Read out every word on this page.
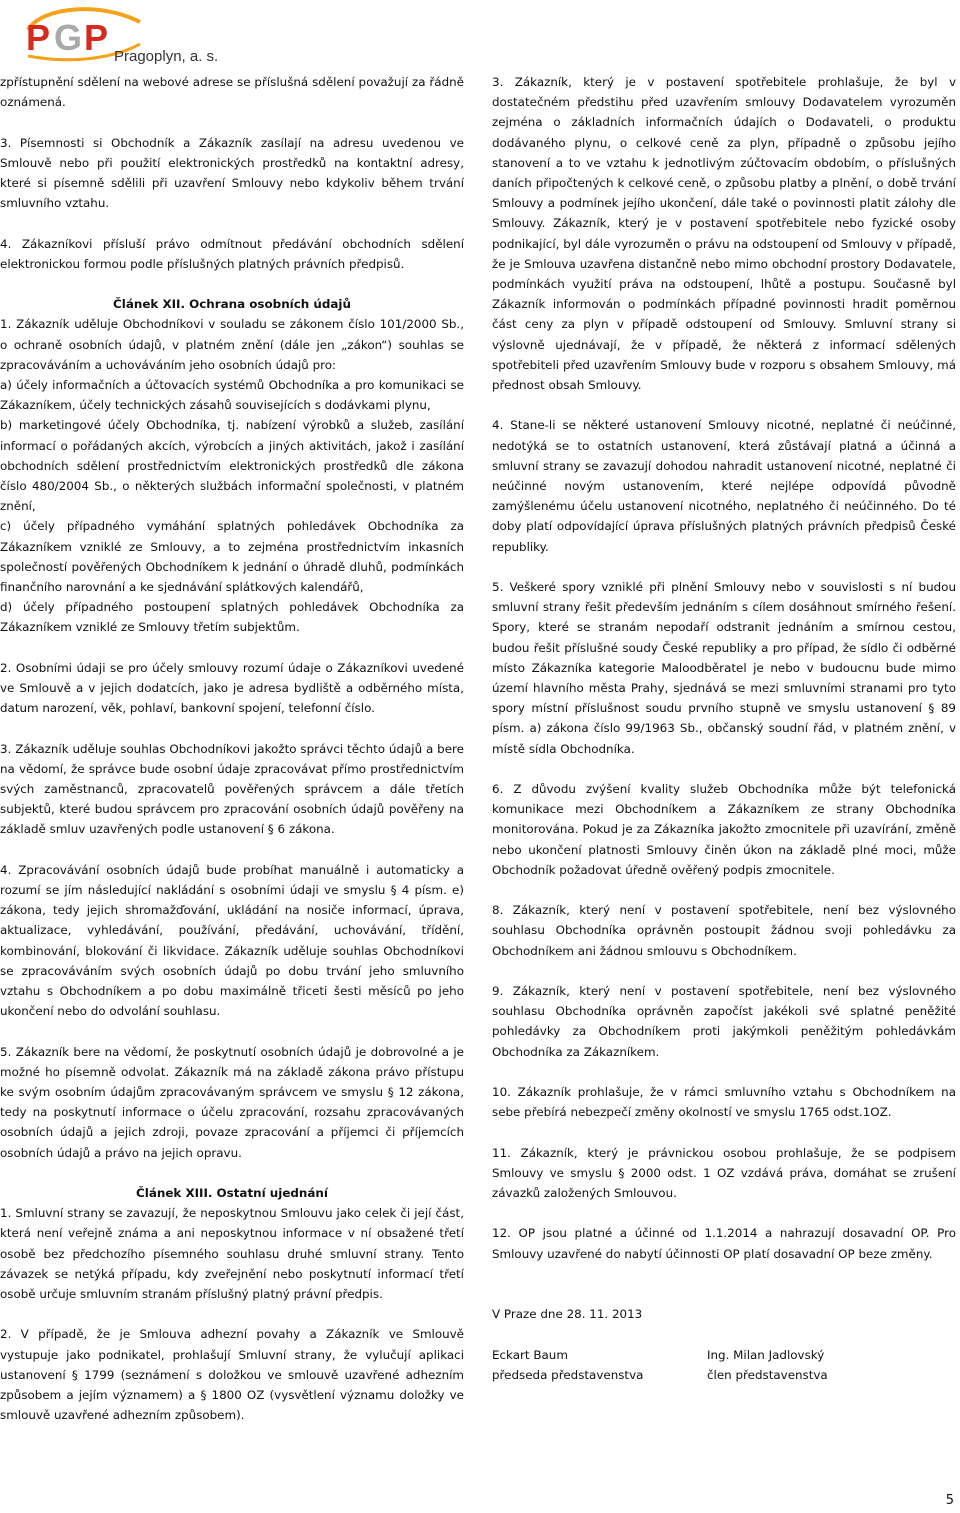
P G P Pragoplyn, a. s.

zpřístupnění sdělení na webové adrese se příslušná sdělení považují za řádně oznámená.

3. Písemnosti si Obchodník a Zákazník zasílají na adresu uvedenou ve Smlouvě nebo při použití elektronických prostředků na kontaktní adresy, které si písemně sdělili při uzavření Smlouvy nebo kdykoliv během trvání smluvního vztahu.

4. Zákazníkovi přísluší právo odmítnout předávání obchodních sdělení elektronickou formou podle příslušných platných právních předpisů.

Článek XII. Ochrana osobních údajů

1. Zákazník uděluje Obchodníkovi v souladu se zákonem číslo 101/2000 Sb., o ochraně osobních údajů, v platném znění (dále jen „zákon“) souhlas se zpracováváním a uchováváním jeho osobních údajů pro:

a) účely informačních a účtovacích systémů Obchodníka a pro komunikaci se Zákazníkem, účely technických zásahů souvisejících s dodávkami plynu,

b) marketingové účely Obchodníka, tj. nabízení výrobků a služeb, zasílání informací o pořádaných akcích, výrobcích a jiných aktivitách, jakož i zasílání obchodních sdělení prostřednictvím elektronických prostředků dle zákona číslo 480/2004 Sb., o některých službách informační společnosti, v platném znění,

c) účely případného vymáhání splatných pohledávek Obchodníka za Zákazníkem vzniklé ze Smlouvy, a to zejména prostřednictvím inkasních společností pověřených Obchodníkem k jednání o úhradě dluhů, podmínkách finančního narovnání a ke sjednávání splátkových kalendářů,

d) účely případného postoupení splatných pohledávek Obchodníka za Zákazníkem vzniklé ze Smlouvy třetím subjektům.

2. Osobními údaji se pro účely smlouvy rozumí údaje o Zákazníkovi uvedené ve Smlouvě a v jejich dodatcích, jako je adresa bydliště a odběrného místa, datum narození, věk, pohlaví, bankovní spojení, telefonní číslo.

3. Zákazník uděluje souhlas Obchodníkovi jakožto správci těchto údajů a bere na vědomí, že správce bude osobní údaje zpracovávat přímo prostřednictvím svých zaměstnanců, zpracovatelů pověřených správcem a dále třetích subjektů, které budou správcem pro zpracování osobních údajů pověřeny na základě smluv uzavřených podle ustanovení § 6 zákona.

4. Zpracovávání osobních údajů bude probíhat manuálně i automaticky a rozumí se jím následující nakládání s osobními údaji ve smyslu § 4 písm. e) zákona, tedy jejich shromažďování, ukládání na nosiče informací, úprava, aktualizace, vyhledávání, používání, předávání, uchovávání, třídění, kombinování, blokování či likvidace. Zákazník uděluje souhlas Obchodníkovi se zpracováváním svých osobních údajů po dobu trvání jeho smluvního vztahu s Obchodníkem a po dobu maximálně třiceti šesti měsíců po jeho ukončení nebo do odvolání souhlasu.

5. Zákazník bere na vědomí, že poskytnutí osobních údajů je dobrovolné a je možné ho písemně odvolat. Zákazník má na základě zákona právo přístupu ke svým osobním údajům zpracovávaným správcem ve smyslu § 12 zákona, tedy na poskytnutí informace o účelu zpracování, rozsahu zpracovávaných osobních údajů a jejich zdroji, povaze zpracování a příjemci či příjemcích osobních údajů a právo na jejich opravu.

Článek XIII. Ostatní ujednání

1. Smluvní strany se zavazují, že neposkytnou Smlouvu jako celek či její část, která není veřejně známa a ani neposkytnou informace v ní obsažené třetí osobě bez předchozího písemného souhlasu druhé smluvní strany. Tento závazek se netýká případu, kdy zveřejnění nebo poskytnutí informací třetí osobě určuje smluvním stranám příslušný platný právní předpis.

2. V případě, že je Smlouva adhezní povahy a Zákazník ve Smlouvě vystupuje jako podnikatel, prohlašují Smluvní strany, že vylučují aplikaci ustanovení § 1799 (seznámení s doložkou ve smlouvě uzavřené adhezním způsobem a jejím významem) a § 1800 OZ (vysvětlení významu doložky ve smlouvě uzavřené adhezním způsobem).

3. Zákazník, který je v postavení spotřebitele prohlašuje, že byl v dostatečném předstihu před uzavřením smlouvy Dodavatelem vyrozuměn zejména o základních informačních údajích o Dodavateli, o produktu dodávaného plynu, o celkové ceně za plyn, případně o způsobu jejího stanovení a to ve vztahu k jednotlivým zúčtovacím obdobím, o příslušných daních připočtených k celkové ceně, o způsobu platby a plnění, o době trvání Smlouvy a podmínek jejího ukončení, dále také o povinnosti platit zálohy dle Smlouvy. Zákazník, který je v postavení spotřebitele nebo fyzické osoby podnikající, byl dále vyrozuměn o právu na odstoupení od Smlouvy v případě, že je Smlouva uzavřena distančně nebo mimo obchodní prostory Dodavatele, podmínkách využití práva na odstoupení, lhůtě a postupu. Současně byl Zákazník informován o podmínkách případné povinnosti hradit poměrnou část ceny za plyn v případě odstoupení od Smlouvy. Smluvní strany si výslovně ujednávají, že v případě, že některá z informací sdělených spotřebiteli před uzavřením Smlouvy bude v rozporu s obsahem Smlouvy, má přednost obsah Smlouvy.

4. Stane-li se některé ustanovení Smlouvy nicotné, neplatné či neúčinné, nedotýká se to ostatních ustanovení, která zůstávají platná a účinná a smluvní strany se zavazují dohodou nahradit ustanovení nicotné, neplatné či neúčinné novým ustanovením, které nejlépe odpovídá původně zamýšlenému účelu ustanovení nicotného, neplatného či neúčinného. Do té doby platí odpovídající úprava příslušných platných právních předpisů České republiky.

5. Veškeré spory vzniklé při plnění Smlouvy nebo v souvislosti s ní budou smluvní strany řešit především jednáním s cílem dosáhnout smírného řešení. Spory, které se stranám nepodaří odstranit jednáním a smírnou cestou, budou řešit příslušné soudy České republiky a pro případ, že sídlo či odběrné místo Zákazníka kategorie Maloodběratel je nebo v budoucnu bude mimo území hlavního města Prahy, sjednává se mezi smluvními stranami pro tyto spory místní příslušnost soudu prvního stupně ve smyslu ustanovení § 89 písm. a) zákona číslo 99/1963 Sb., občanský soudní řád, v platném znění, v místě sídla Obchodníka.

6. Z důvodu zvýšení kvality služeb Obchodníka může být telefonická komunikace mezi Obchodníkem a Zákazníkem ze strany Obchodníka monitorována. Pokud je za Zákazníka jakožto zmocnitele při uzavírání, změně nebo ukončení platnosti Smlouvy činěn úkon na základě plné moci, může Obchodník požadovat úředně ověřený podpis zmocnitele.

8. Zákazník, který není v postavení spotřebitele, není bez výslovného souhlasu Obchodníka oprávněn postoupit žádnou svoji pohledávku za Obchodníkem ani žádnou smlouvu s Obchodníkem.

9. Zákazník, který není v postavení spotřebitele, není bez výslovného souhlasu Obchodníka oprávněn započíst jakékoli své splatné peněžité pohledávky za Obchodníkem proti jakýmkoli peněžitým pohledávkám Obchodníka za Zákazníkem.

10. Zákazník prohlašuje, že v rámci smluvního vztahu s Obchodníkem na sebe přebírá nebezpečí změny okolností ve smyslu 1765 odst.1OZ.

11. Zákazník, který je právnickou osobou prohlašuje, že se podpisem Smlouvy ve smyslu § 2000 odst. 1 OZ vzdává práva, domáhat se zrušení závazků založených Smlouvou.

12. OP jsou platné a účinné od 1.1.2014 a nahrazují dosavadní OP. Pro Smlouvy uzavřené do nabytí účinnosti OP platí dosavadní OP beze změny.

V Praze dne 28. 11. 2013

Eckart Baum	Ing. Milan Jadlovský
předseda představenstva	člen představenstva
5
